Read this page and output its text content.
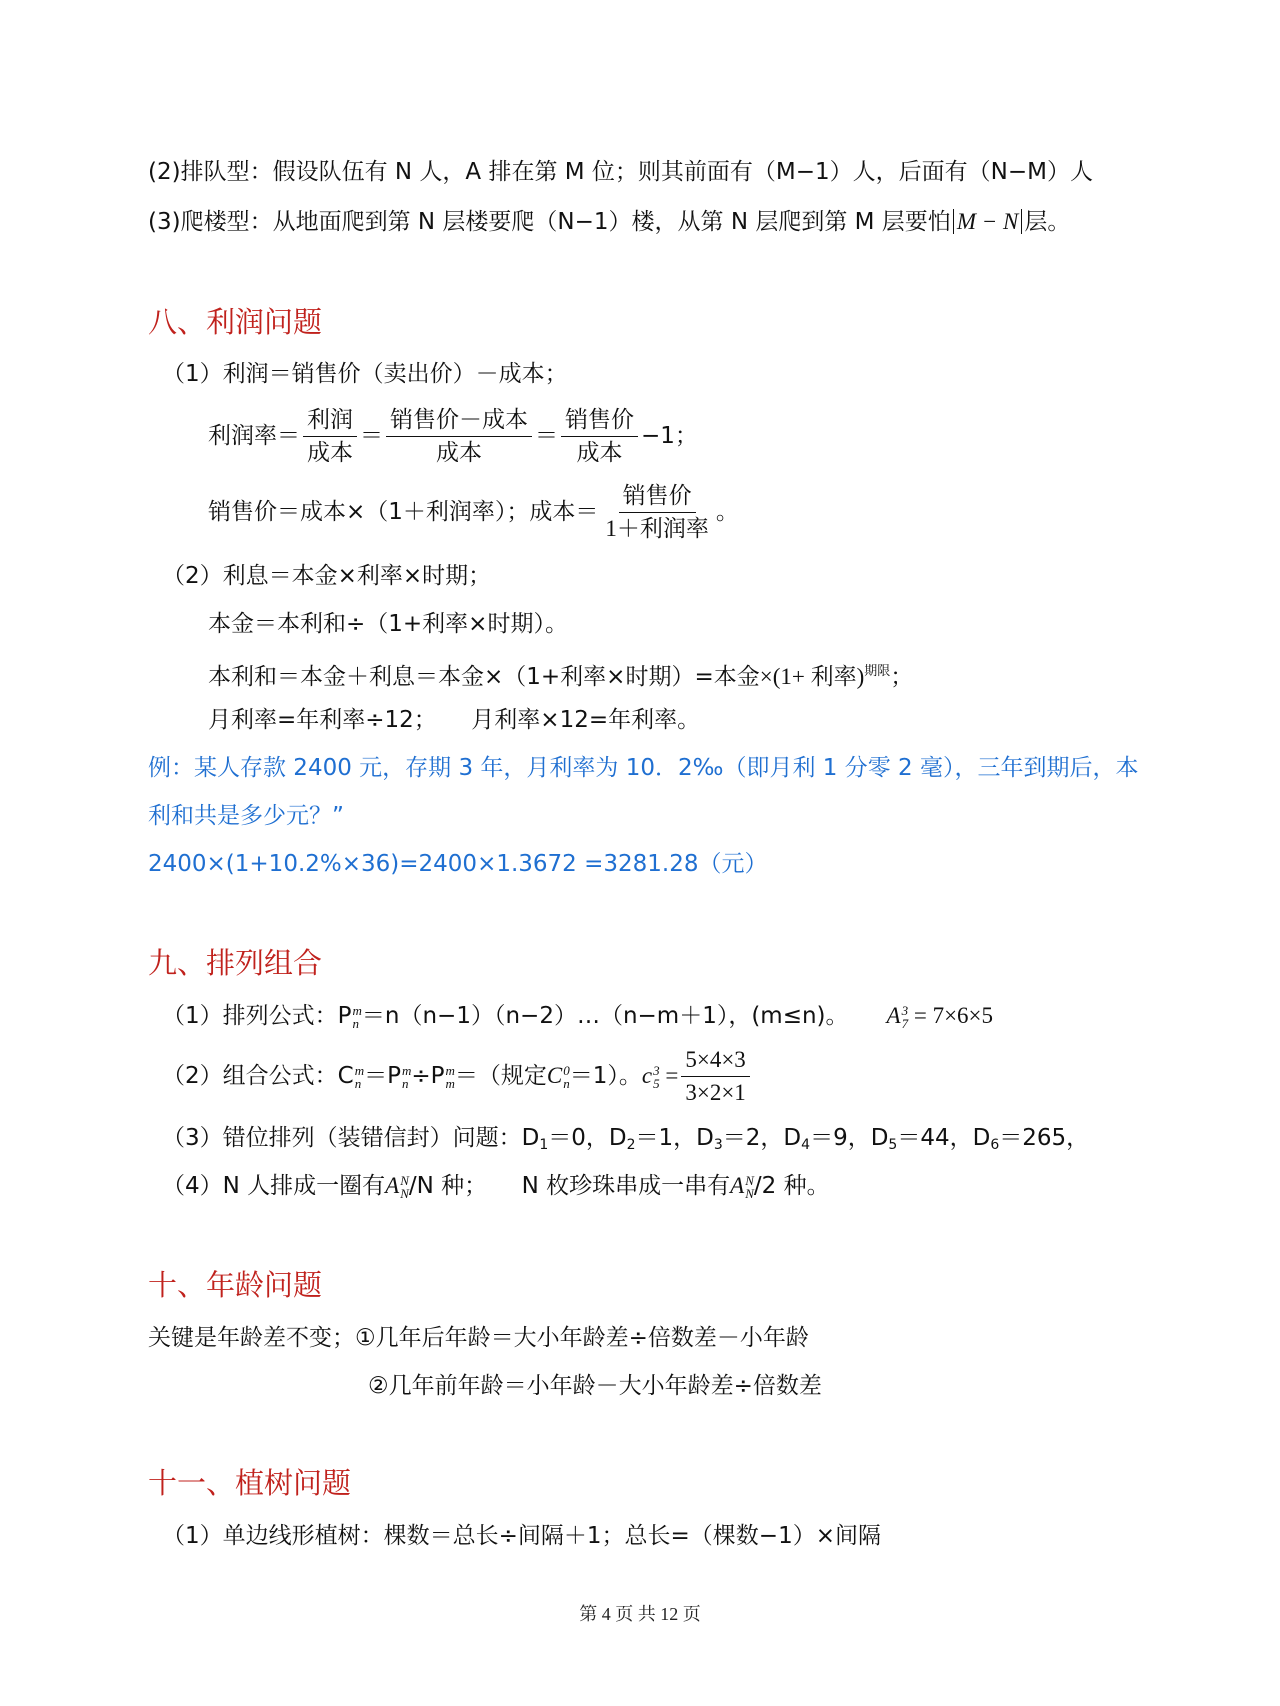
(2)排队型：假设队伍有 N 人，A 排在第 M 位；则其前面有（M−1）人，后面有（N−M）人
(3)爬楼型：从地面爬到第 N 层楼要爬（N−1）楼，从第 N 层爬到第 M 层要怕 M − N 层。
八、利润问题
（1）利润＝销售价（卖出价）－成本；
利润率＝ $\frac{\text{利润}}{\text{成本}} = \frac{\text{销售价－成本}}{\text{成本}} = \frac{\text{销售价}}{\text{成本}} -1$；
销售价＝成本×（1＋利润率）；成本＝ $\frac{\text{销售价}}{\text{1＋利润率}}$ 。
（2）利息＝本金×利率×时期；
本金＝本利和÷（1+利率×时期）。
本利和＝本金＋利息＝本金×（1+利率×时期）=本金×(1+ 利率)$^{期限}$；
月利率=年利率÷12；　　月利率×12=年利率。
例：某人存款 2400 元，存期 3 年，月利率为 10．2‰（即月利 1 分零 2 毫），三年到期后，本
利和共是多少元？”
2400×(1+10.2%×36)=2400×1.3672 =3281.28（元）
九、排列组合
（1）排列公式：P m
n ＝n（n−1）（n−2）…（n−m＋1），(m≤n)。 A 3
7 = 7×6×5
（2）组合公式：C m
n ＝P m
n ÷P m
m ＝（规定C 0
n ＝1）。c 3
$5 = \frac{5\times 4\times 3}{3\times 2\times 1}$
（3）错位排列（装错信封）问题：$D_1=0$，$D_2=1$，$D_3=2$，$D_4=9$，$D_5=44$，$D_6=265$，
（4）N 人排成一圈有A N
N /N 种；　　N 枚珍珠串成一串有A N
N /2 种。
十、年龄问题
关键是年龄差不变；①几年后年龄＝大小年龄差÷倍数差－小年龄
②几年前年龄＝小年龄－大小年龄差÷倍数差
十一、植树问题
（1）单边线形植树：棵数＝总长÷间隔＋1；总长=（棵数−1）×间隔
第 4 页 共 12 页
